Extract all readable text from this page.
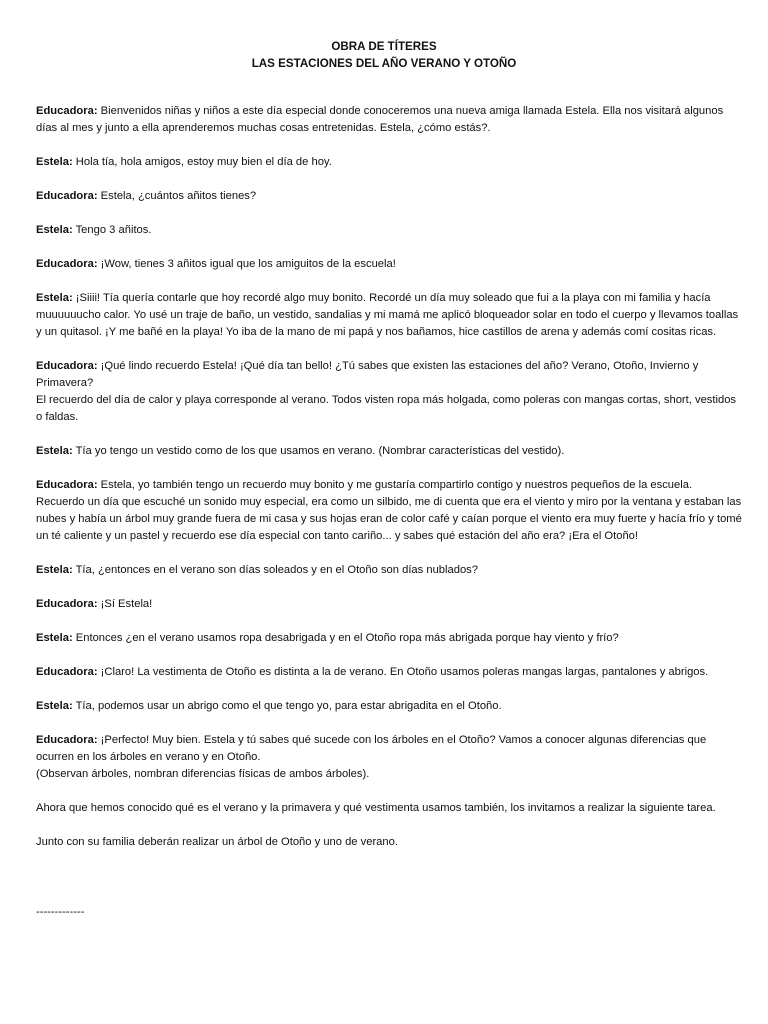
OBRA DE TÍTERES

LAS ESTACIONES DEL AÑO VERANO Y OTOÑO

Educadora: Bienvenidos niñas y niños a este día especial donde conoceremos una nueva amiga llamada Estela. Ella nos visitará algunos días al mes y junto a ella aprenderemos muchas cosas entretenidas. Estela, ¿cómo estás?.

Estela: Hola tía, hola amigos, estoy muy bien el día de hoy.

Educadora: Estela, ¿cuántos añitos tienes?

Estela: Tengo 3 añitos.

Educadora: ¡Wow, tienes 3 añitos igual que los amiguitos de la escuela!

Estela: ¡Siiii! Tía quería contarle que hoy recordé algo muy bonito. Recordé un día muy soleado que fui a la playa con mi familia y hacía muuuuuucho calor. Yo usé un traje de baño, un vestido, sandalias y mi mamá me aplicó bloqueador solar en todo el cuerpo y llevamos toallas y un quitasol. ¡Y me bañé en la playa! Yo iba de la mano de mi papá y nos bañamos, hice castillos de arena y además comí cositas ricas.

Educadora: ¡Qué lindo recuerdo Estela! ¡Qué día tan bello! ¿Tú sabes que existen las estaciones del año? Verano, Otoño, Invierno y Primavera?
El recuerdo del día de calor y playa corresponde al verano. Todos visten ropa más holgada, como poleras con mangas cortas, short, vestidos o faldas.

Estela: Tía yo tengo un vestido como de los que usamos en verano. (Nombrar características del vestido).

Educadora: Estela, yo también tengo un recuerdo muy bonito y me gustaría compartirlo contigo y nuestros pequeños de la escuela. Recuerdo un día que escuché un sonido muy especial, era como un silbido, me di cuenta que era el viento y miro por la ventana y estaban las nubes y había un árbol muy grande fuera de mi casa y sus hojas eran de color café y caían porque el viento era muy fuerte y hacía frío y tomé un té caliente y un pastel y recuerdo ese día especial con tanto cariño... y sabes qué estación del año era? ¡Era el Otoño!

Estela: Tía, ¿entonces en el verano son días soleados y en el Otoño son días nublados?

Educadora: ¡Sí Estela!

Estela: Entonces ¿en el verano usamos ropa desabrigada y en el Otoño ropa más abrigada porque hay viento y frío?

Educadora: ¡Claro! La vestimenta de Otoño es distinta a la de verano. En Otoño usamos poleras mangas largas, pantalones y abrigos.

Estela: Tía, podemos usar un abrigo como el que tengo yo, para estar abrigadita en el Otoño.

Educadora: ¡Perfecto! Muy bien. Estela y tú sabes qué sucede con los árboles en el Otoño? Vamos a conocer algunas diferencias que ocurren en los árboles en verano y en Otoño.
(Observan árboles, nombran diferencias físicas de ambos árboles).

Ahora que hemos conocido qué es el verano y la primavera y qué vestimenta usamos también, los invitamos a realizar la siguiente tarea.

Junto con su familia deberán realizar un árbol de Otoño y uno de verano.

-------------
